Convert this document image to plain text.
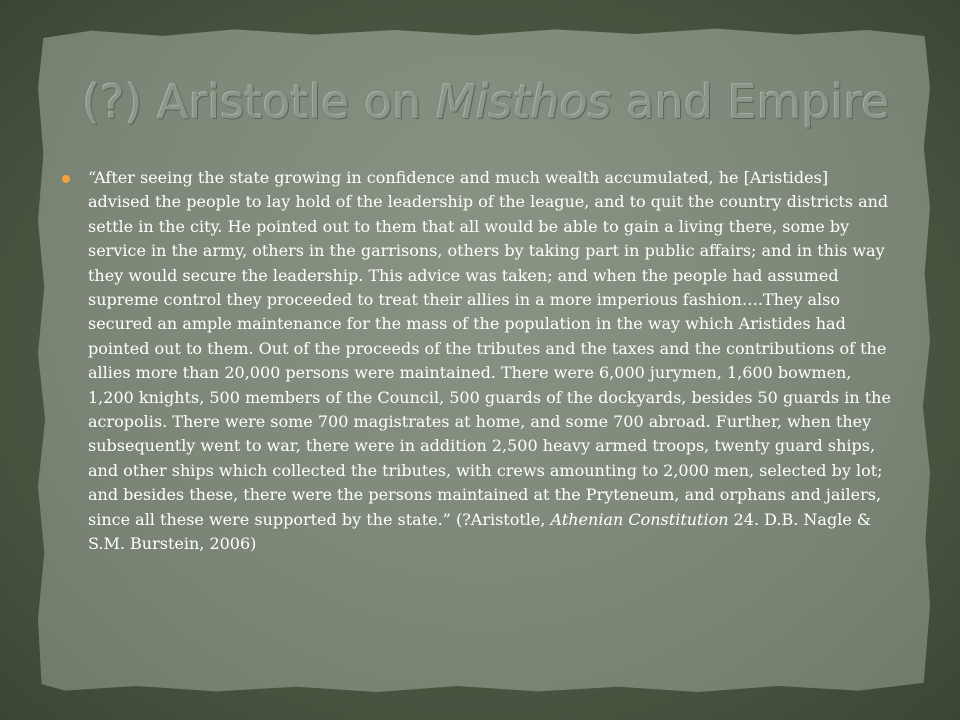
(?) Aristotle on Misthos and Empire
“After seeing the state growing in confidence and much wealth accumulated, he [Aristides] advised the people to lay hold of the leadership of the league, and to quit the country districts and settle in the city. He pointed out to them that all would be able to gain a living there, some by service in the army, others in the garrisons, others by taking part in public affairs; and in this way they would secure the leadership. This advice was taken; and when the people had assumed supreme control they proceeded to treat their allies in a more imperious fashion….They also secured an ample maintenance for the mass of the population in the way which Aristides had pointed out to them. Out of the proceeds of the tributes and the taxes and the contributions of the allies more than 20,000 persons were maintained. There were 6,000 jurymen, 1,600 bowmen, 1,200 knights, 500 members of the Council, 500 guards of the dockyards, besides 50 guards in the acropolis. There were some 700 magistrates at home, and some 700 abroad. Further, when they subsequently went to war, there were in addition 2,500 heavy armed troops, twenty guard ships, and other ships which collected the tributes, with crews amounting to 2,000 men, selected by lot; and besides these, there were the persons maintained at the Pryteneum, and orphans and jailers, since all these were supported by the state.” (?Aristotle, Athenian Constitution 24. D.B. Nagle & S.M. Burstein, 2006)
